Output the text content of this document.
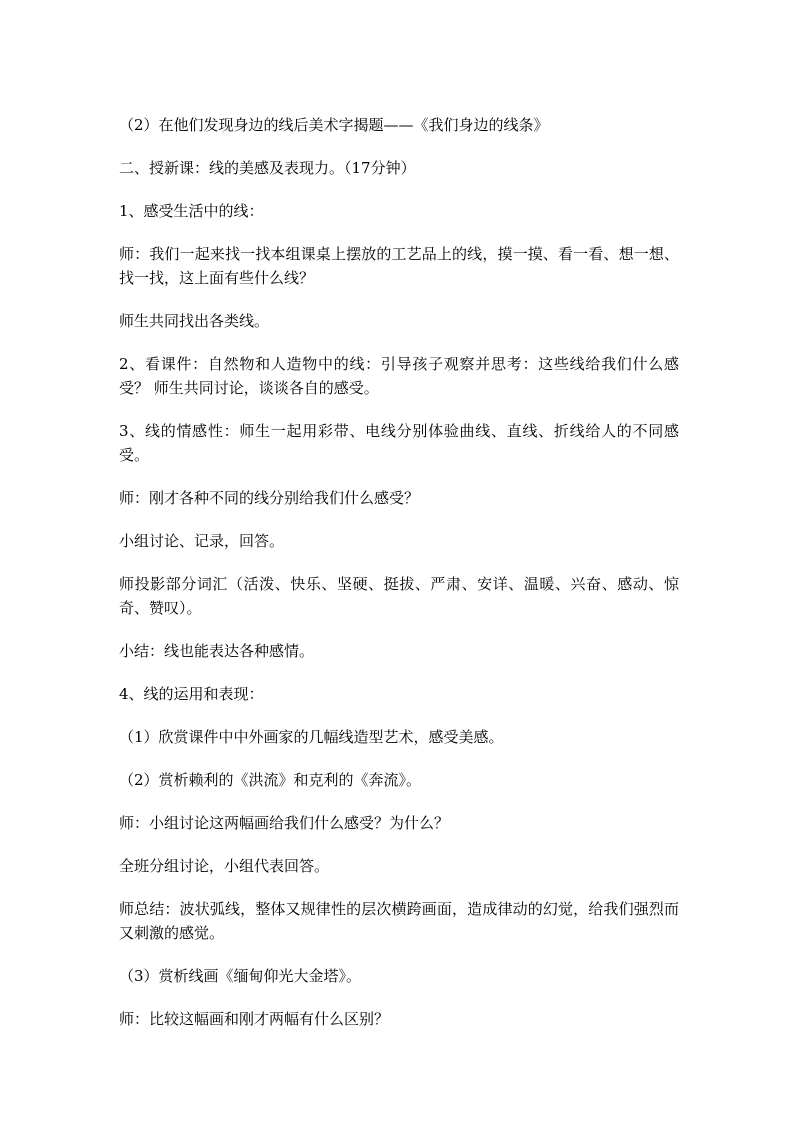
（2）在他们发现身边的线后美术字揭题——《我们身边的线条》

二、授新课：线的美感及表现力。（17分钟）

1、感受生活中的线：

师：我们一起来找一找本组课桌上摆放的工艺品上的线，摸一摸、看一看、想一想、找一找，这上面有些什么线？

师生共同找出各类线。

2、看课件：自然物和人造物中的线：引导孩子观察并思考：这些线给我们什么感受？ 师生共同讨论，谈谈各自的感受。

3、线的情感性：师生一起用彩带、电线分别体验曲线、直线、折线给人的不同感受。

师：刚才各种不同的线分别给我们什么感受？

小组讨论、记录，回答。

师投影部分词汇（活泼、快乐、坚硬、挺拔、严肃、安详、温暖、兴奋、感动、惊奇、赞叹）。

小结：线也能表达各种感情。

4、线的运用和表现：

（1）欣赏课件中中外画家的几幅线造型艺术，感受美感。

（2）赏析赖利的《洪流》和克利的《奔流》。

师：小组讨论这两幅画给我们什么感受？为什么？

全班分组讨论，小组代表回答。

师总结：波状弧线，整体又规律性的层次横跨画面，造成律动的幻觉，给我们强烈而又刺激的感觉。

（3）赏析线画《缅甸仰光大金塔》。

师：比较这幅画和刚才两幅有什么区别？
